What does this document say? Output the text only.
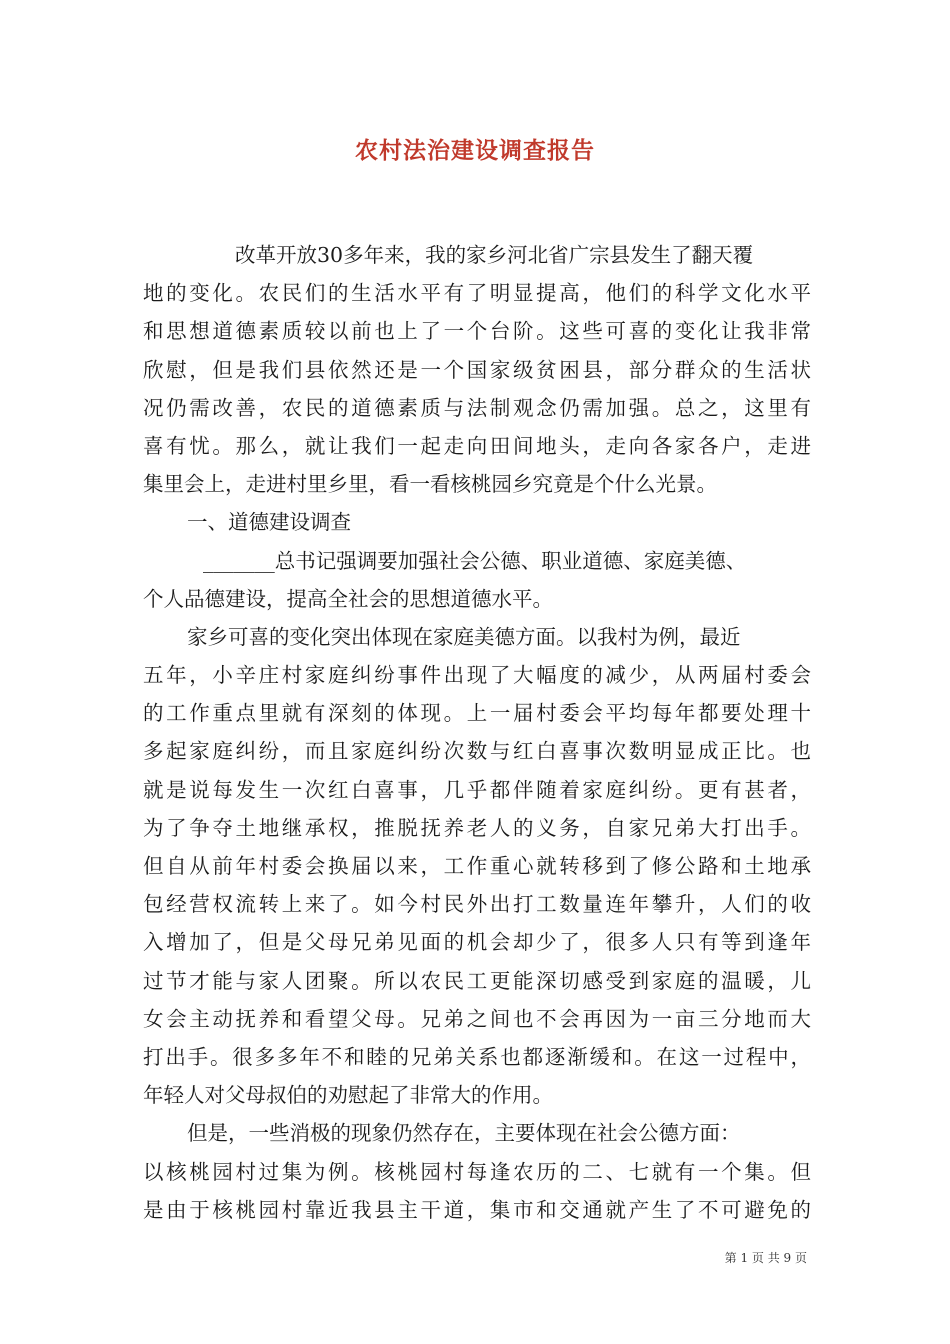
农村法治建设调查报告
改革开放30多年来，我的家乡河北省广宗县发生了翻天覆
地的变化。农民们的生活水平有了明显提高，他们的科学文化水平
和思想道德素质较以前也上了一个台阶。这些可喜的变化让我非常
欣慰，但是我们县依然还是一个国家级贫困县，部分群众的生活状
况仍需改善，农民的道德素质与法制观念仍需加强。总之，这里有
喜有忧。那么，就让我们一起走向田间地头，走向各家各户，走进
集里会上，走进村里乡里，看一看核桃园乡究竟是个什么光景。
一、道德建设调查
_______总书记强调要加强社会公德、职业道德、家庭美德、
个人品德建设，提高全社会的思想道德水平。
家乡可喜的变化突出体现在家庭美德方面。以我村为例，最近
五年，小辛庄村家庭纠纷事件出现了大幅度的减少，从两届村委会
的工作重点里就有深刻的体现。上一届村委会平均每年都要处理十
多起家庭纠纷，而且家庭纠纷次数与红白喜事次数明显成正比。也
就是说每发生一次红白喜事，几乎都伴随着家庭纠纷。更有甚者，
为了争夺土地继承权，推脱抚养老人的义务，自家兄弟大打出手。
但自从前年村委会换届以来，工作重心就转移到了修公路和土地承
包经营权流转上来了。如今村民外出打工数量连年攀升，人们的收
入增加了，但是父母兄弟见面的机会却少了，很多人只有等到逢年
过节才能与家人团聚。所以农民工更能深切感受到家庭的温暖，儿
女会主动抚养和看望父母。兄弟之间也不会再因为一亩三分地而大
打出手。很多多年不和睦的兄弟关系也都逐渐缓和。在这一过程中，
年轻人对父母叔伯的劝慰起了非常大的作用。
但是，一些消极的现象仍然存在，主要体现在社会公德方面：
以核桃园村过集为例。核桃园村每逢农历的二、七就有一个集。但
是由于核桃园村靠近我县主干道，集市和交通就产生了不可避免的
第 1 页 共 9 页
